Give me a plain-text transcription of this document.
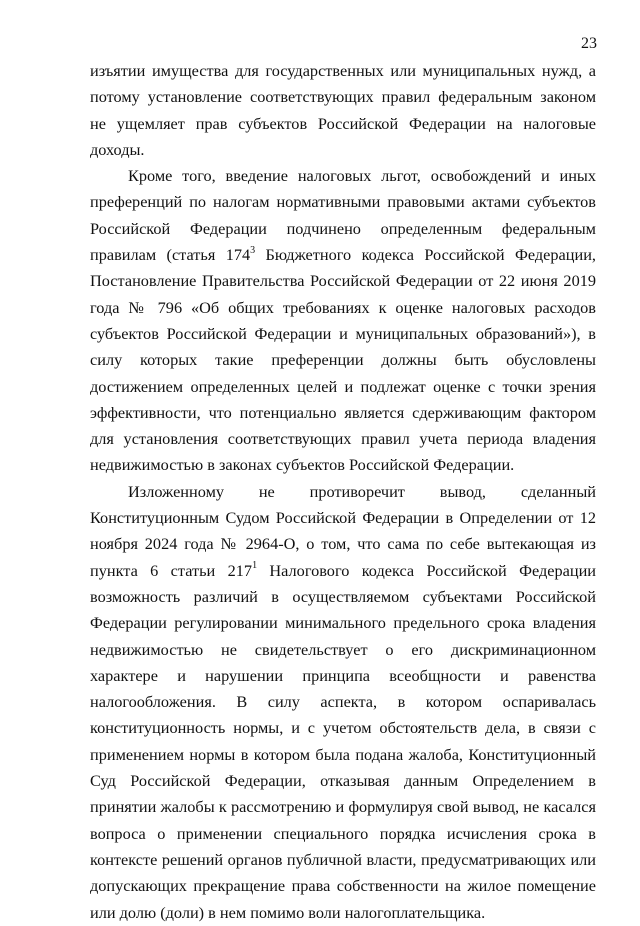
23

изъятии имущества для государственных или муниципальных нужд, а потому установление соответствующих правил федеральным законом не ущемляет прав субъектов Российской Федерации на налоговые доходы.

Кроме того, введение налоговых льгот, освобождений и иных преференций по налогам нормативными правовыми актами субъектов Российской Федерации подчинено определенным федеральным правилам (статья $174^3$ Бюджетного кодекса Российской Федерации, Постановление Правительства Российской Федерации от 22 июня 2019 года № 796 «Об общих требованиях к оценке налоговых расходов субъектов Российской Федерации и муниципальных образований»), в силу которых такие преференции должны быть обусловлены достижением определенных целей и подлежат оценке с точки зрения эффективности, что потенциально является сдерживающим фактором для установления соответствующих правил учета периода владения недвижимостью в законах субъектов Российской Федерации.

Изложенному не противоречит вывод, сделанный Конституционным Судом Российской Федерации в Определении от 12 ноября 2024 года № 2964-О, о том, что сама по себе вытекающая из пункта 6 статьи $217^1$ Налогового кодекса Российской Федерации возможность различий в осуществляемом субъектами Российской Федерации регулировании минимального предельного срока владения недвижимостью не свидетельствует о его дискриминационном характере и нарушении принципа всеобщности и равенства налогообложения. В силу аспекта, в котором оспаривалась конституционность нормы, и с учетом обстоятельств дела, в связи с применением нормы в котором была подана жалоба, Конституционный Суд Российской Федерации, отказывая данным Определением в принятии жалобы к рассмотрению и формулируя свой вывод, не касался вопроса о применении специального порядка исчисления срока в контексте решений органов публичной власти, предусматривающих или допускающих прекращение права собственности на жилое помещение или долю (доли) в нем помимо воли налогоплательщика.
